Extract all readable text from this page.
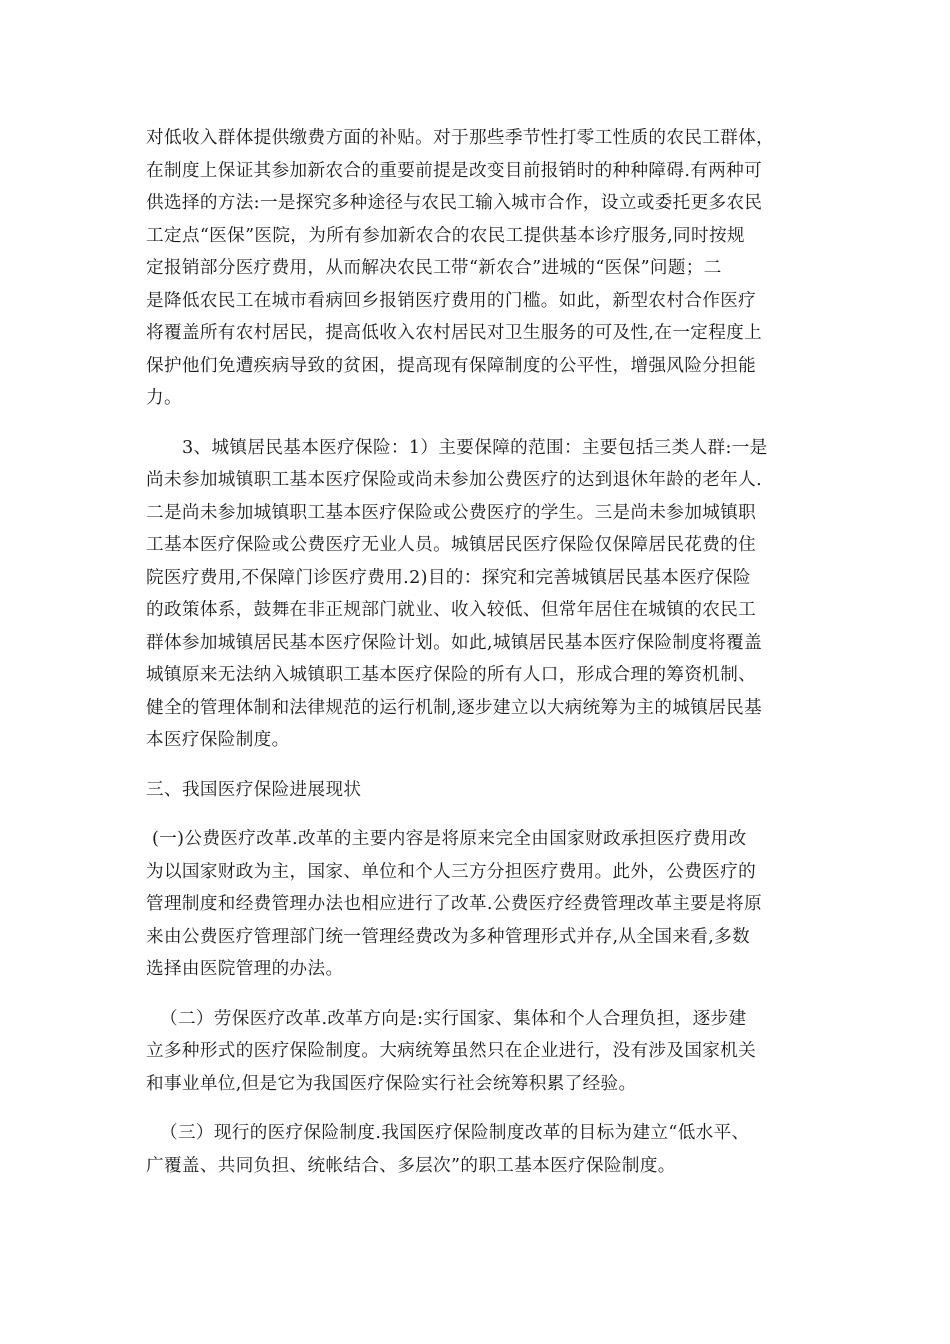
对低收入群体提供缴费方面的补贴。对于那些季节性打零工性质的农民工群体，
在制度上保证其参加新农合的重要前提是改变目前报销时的种种障碍.有两种可
供选择的方法:一是探究多种途径与农民工输入城市合作，设立或委托更多农民
工定点“医保”医院，为所有参加新农合的农民工提供基本诊疗服务,同时按规
定报销部分医疗费用，从而解决农民工带“新农合”进城的“医保”问题；二
是降低农民工在城市看病回乡报销医疗费用的门槛。如此，新型农村合作医疗
将覆盖所有农村居民，提高低收入农村居民对卫生服务的可及性,在一定程度上
保护他们免遭疾病导致的贫困，提高现有保障制度的公平性，增强风险分担能
力。
3、城镇居民基本医疗保险：1）主要保障的范围：主要包括三类人群:一是
尚未参加城镇职工基本医疗保险或尚未参加公费医疗的达到退休年龄的老年人.
二是尚未参加城镇职工基本医疗保险或公费医疗的学生。三是尚未参加城镇职
工基本医疗保险或公费医疗无业人员。城镇居民医疗保险仅保障居民花费的住
院医疗费用,不保障门诊医疗费用.2)目的：探究和完善城镇居民基本医疗保险
的政策体系，鼓舞在非正规部门就业、收入较低、但常年居住在城镇的农民工
群体参加城镇居民基本医疗保险计划。如此,城镇居民基本医疗保险制度将覆盖
城镇原来无法纳入城镇职工基本医疗保险的所有人口，形成合理的筹资机制、
健全的管理体制和法律规范的运行机制,逐步建立以大病统筹为主的城镇居民基
本医疗保险制度。
三、我国医疗保险进展现状
(一)公费医疗改革.改革的主要内容是将原来完全由国家财政承担医疗费用改
为以国家财政为主，国家、单位和个人三方分担医疗费用。此外，公费医疗的
管理制度和经费管理办法也相应进行了改革.公费医疗经费管理改革主要是将原
来由公费医疗管理部门统一管理经费改为多种管理形式并存,从全国来看,多数
选择由医院管理的办法。
（二）劳保医疗改革.改革方向是:实行国家、集体和个人合理负担，逐步建
立多种形式的医疗保险制度。大病统筹虽然只在企业进行，没有涉及国家机关
和事业单位,但是它为我国医疗保险实行社会统筹积累了经验。
（三）现行的医疗保险制度.我国医疗保险制度改革的目标为建立“低水平、
广覆盖、共同负担、统帐结合、多层次”的职工基本医疗保险制度。
